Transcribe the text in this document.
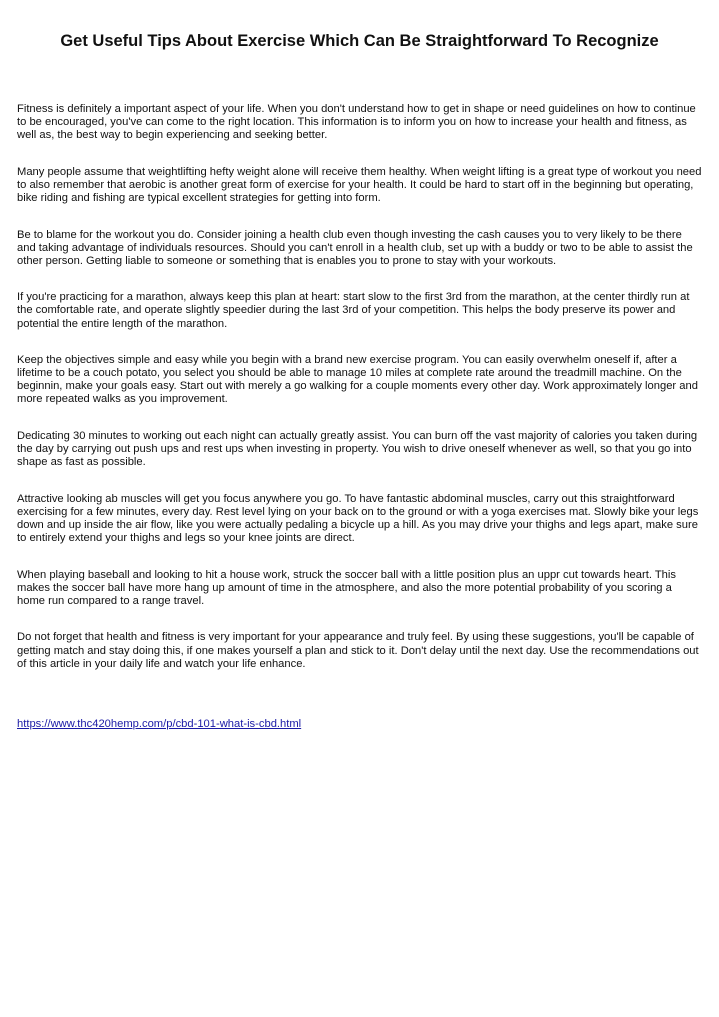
Get Useful Tips About Exercise Which Can Be Straightforward To Recognize

Fitness is definitely a important aspect of your life. When you don't understand how to get in shape or need guidelines on how to continue to be encouraged, you've can come to the right location. This information is to inform you on how to increase your health and fitness, as well as, the best way to begin experiencing and seeking better.

Many people assume that weightlifting hefty weight alone will receive them healthy. When weight lifting is a great type of workout you need to also remember that aerobic is another great form of exercise for your health. It could be hard to start off in the beginning but operating, bike riding and fishing are typical excellent strategies for getting into form.

Be to blame for the workout you do. Consider joining a health club even though investing the cash causes you to very likely to be there and taking advantage of individuals resources. Should you can't enroll in a health club, set up with a buddy or two to be able to assist the other person. Getting liable to someone or something that is enables you to prone to stay with your workouts.

If you're practicing for a marathon, always keep this plan at heart: start slow to the first 3rd from the marathon, at the center thirdly run at the comfortable rate, and operate slightly speedier during the last 3rd of your competition. This helps the body preserve its power and potential the entire length of the marathon.

Keep the objectives simple and easy while you begin with a brand new exercise program. You can easily overwhelm oneself if, after a lifetime to be a couch potato, you select you should be able to manage 10 miles at complete rate around the treadmill machine. On the beginnin, make your goals easy. Start out with merely a go walking for a couple moments every other day. Work approximately longer and more repeated walks as you improvement.

Dedicating 30 minutes to working out each night can actually greatly assist. You can burn off the vast majority of calories you taken during the day by carrying out push ups and rest ups when investing in property. You wish to drive oneself whenever as well, so that you go into shape as fast as possible.

Attractive looking ab muscles will get you focus anywhere you go. To have fantastic abdominal muscles, carry out this straightforward exercising for a few minutes, every day. Rest level lying on your back on to the ground or with a yoga exercises mat. Slowly bike your legs down and up inside the air flow, like you were actually pedaling a bicycle up a hill. As you may drive your thighs and legs apart, make sure to entirely extend your thighs and legs so your knee joints are direct.

When playing baseball and looking to hit a house work, struck the soccer ball with a little position plus an uppr cut towards heart. This makes the soccer ball have more hang up amount of time in the atmosphere, and also the more potential probability of you scoring a home run compared to a range travel.

Do not forget that health and fitness is very important for your appearance and truly feel. By using these suggestions, you'll be capable of getting match and stay doing this, if one makes yourself a plan and stick to it. Don't delay until the next day. Use the recommendations out of this article in your daily life and watch your life enhance.

https://www.thc420hemp.com/p/cbd-101-what-is-cbd.html
